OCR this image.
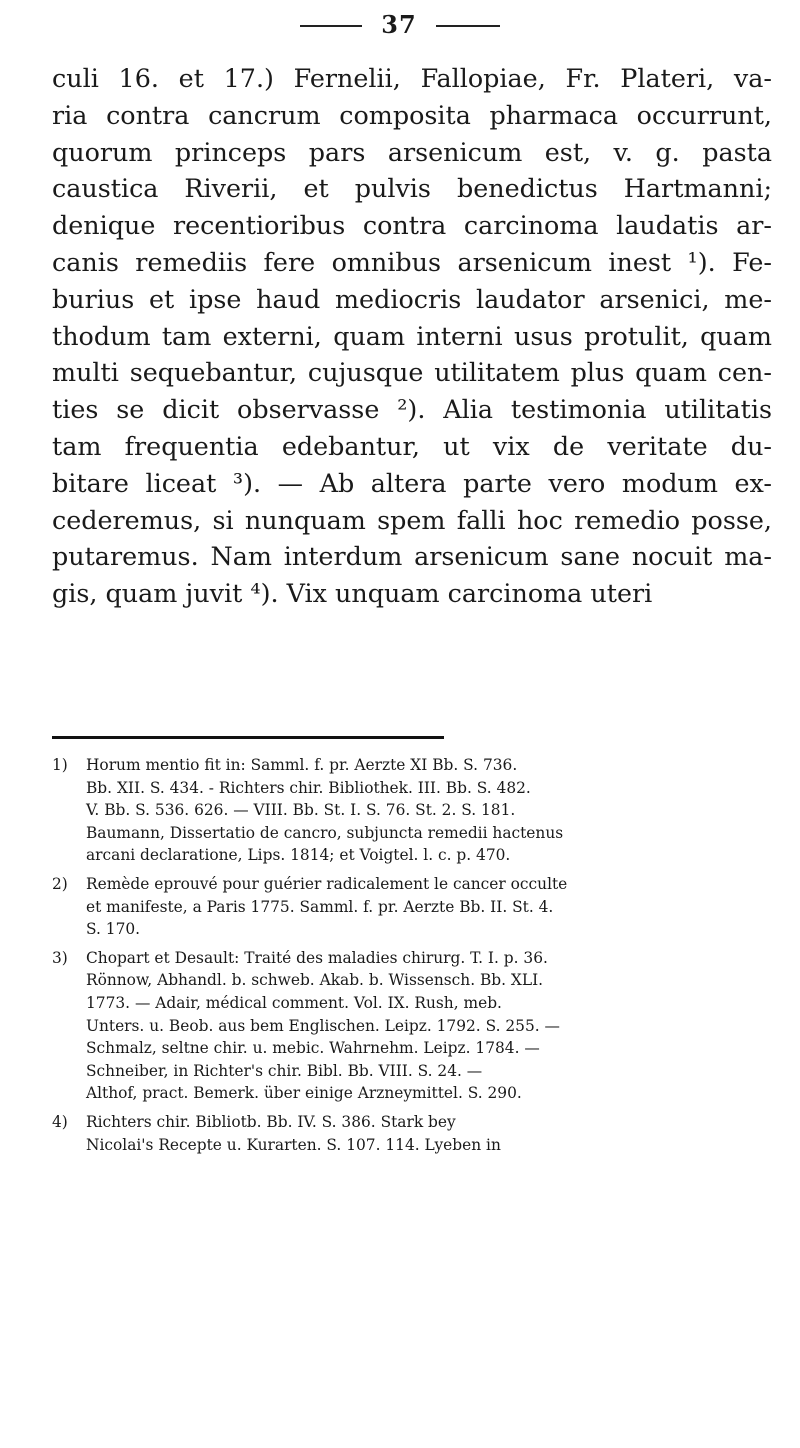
37
culi 16. et 17.) Fernelii, Fallopiae, Fr. Plateri, va-
ria contra cancrum composita pharmaca occurrunt,
quorum princeps pars arsenicum est, v. g. pasta
caustica Riverii, et pulvis benedictus Hartmanni;
denique recentioribus contra carcinoma laudatis ar-
canis remediis fere omnibus arsenicum inest ¹). Fe-
burius et ipse haud mediocris laudator arsenici, me-
thodum tam externi, quam interni usus protulit, quam
multi sequebantur, cujusque utilitatem plus quam cen-
ties se dicit observasse ²). Alia testimonia utilitatis
tam frequentia edebantur, ut vix de veritate du-
bitare liceat ³). — Ab altera parte vero modum ex-
cederemus, si nunquam spem falli hoc remedio posse,
putaremus. Nam interdum arsenicum sane nocuit ma-
gis, quam juvit ⁴). Vix unquam carcinoma uteri
1)	Horum mentio fit in: Samml. f. pr. Aerzte XI Bb. S. 736.
Bb. XII. S. 434. - Richters chir. Bibliothek. III. Bb. S. 482.
V. Bb. S. 536. 626. — VIII. Bb. St. I. S. 76. St. 2. S. 181.
Baumann, Dissertatio de cancro, subjuncta remedii hactenus
arcani declaratione, Lips. 1814; et Voigtel. l. c. p. 470.
2)	Remède eprouvé pour guérier radicalement le cancer occulte
et manifeste, a Paris 1775. Samml. f. pr. Aerzte Bb. II. St. 4.
S. 170.
3)	Chopart et Desault: Traité des maladies chirurg. T. I. p. 36.
Rönnow, Abhandl. b. schweb. Akab. b. Wissensch. Bb. XLI.
1773. — Adair, médical comment. Vol. IX. Rush, meb.
Unters. u. Beob. aus bem Englischen. Leipz. 1792. S. 255. —
Schmalz, seltne chir. u. mebic. Wahrnehm. Leipz. 1784. —
Schneiber, in Richter's chir. Bibl. Bb. VIII. S. 24. —
Althof, pract. Bemerk. über einige Arzneymittel. S. 290.
4)	Richters chir. Bibliotb. Bb. IV. S. 386. Stark bey
Nicolai's Recepte u. Kurarten. S. 107. 114. Lyeben in
